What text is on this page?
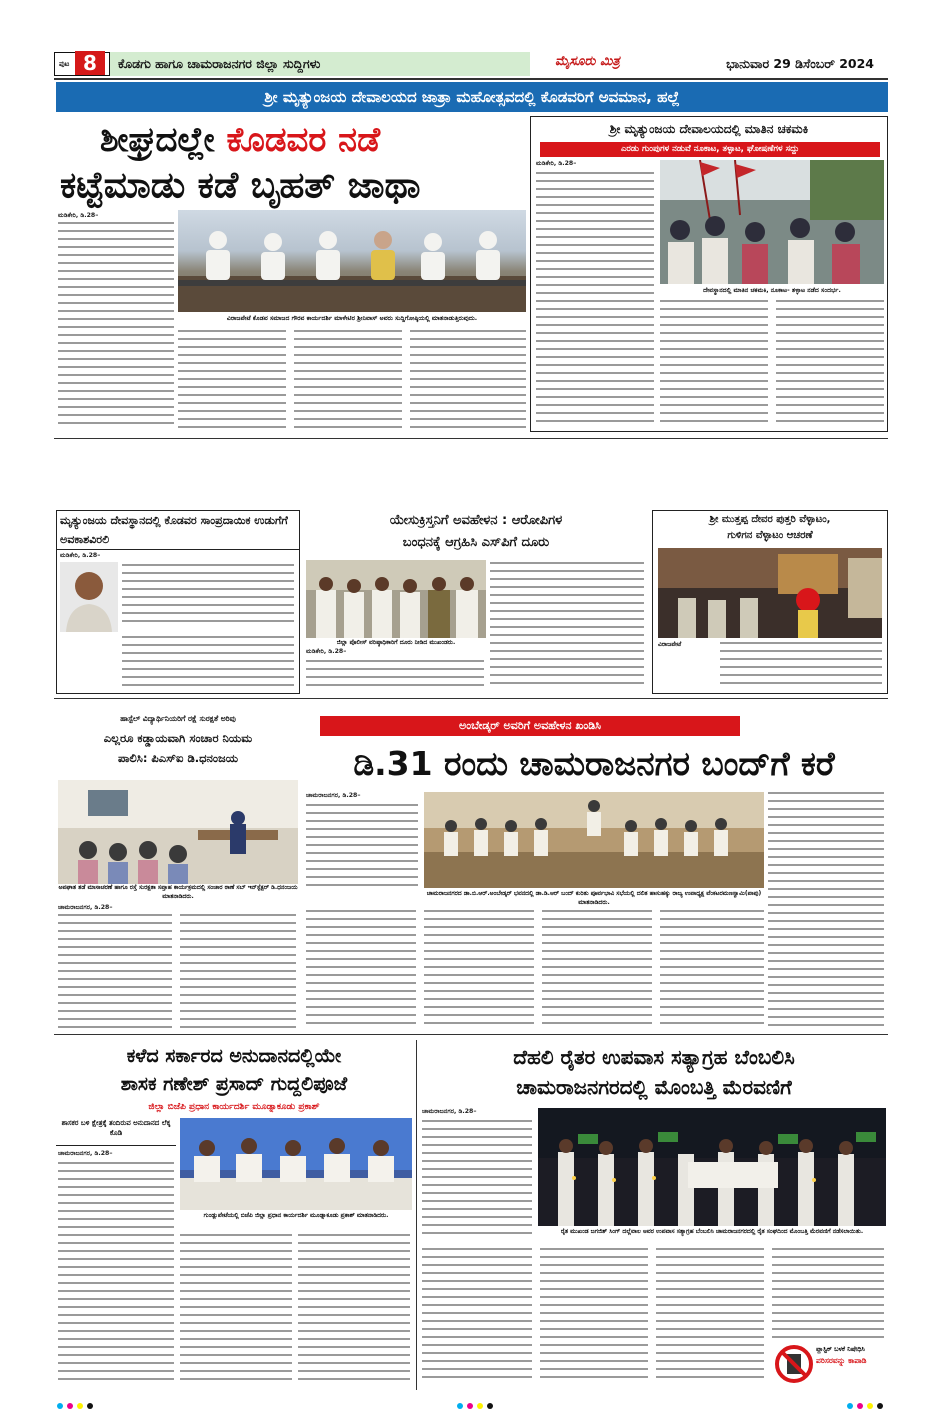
ಪುಟ 8	ಕೊಡಗು ಹಾಗೂ ಚಾಮರಾಜನಗರ ಜಿಲ್ಲಾ ಸುದ್ದಿಗಳು	ಮೈಸೂರು ಮಿತ್ರ	ಭಾನುವಾರ 29 ಡಿಸೆಂಬರ್ 2024
ಶ್ರೀ ಮೃತ್ಯುಂಜಯ ದೇವಾಲಯದ ಜಾತ್ರಾ ಮಹೋತ್ಸವದಲ್ಲಿ ಕೊಡವರಿಗೆ ಅವಮಾನ, ಹಲ್ಲೆ
ಶೀಘ್ರದಲ್ಲೇ ಕೊಡವರ ನಡೆ
ಕಟ್ಟೆಮಾಡು ಕಡೆ ಬೃಹತ್ ಜಾಥಾ
ಮಡಿಕೇರಿ, ಡಿ.28–
ವಿರಾಜಪೇಟೆ ಕೊಡವ ಸಮಾಜದ ಗೌರವ ಕಾರ್ಯದರ್ಶಿ ಮಾಳೇಟಿರ ಶ್ರೀನಿವಾಸ್ ಅವರು ಸುದ್ದಿಗೋಷ್ಠಿಯಲ್ಲಿ ಮಾತನಾಡುತ್ತಿರುವುದು.
ಶ್ರೀ ಮೃತ್ಯುಂಜಯ ದೇವಾಲಯದಲ್ಲಿ ಮಾತಿನ ಚಕಮಕಿ
ಎರಡು ಗುಂಪುಗಳ ನಡುವೆ ನೂಕಾಟ, ತಳ್ಳಾಟ, ಘೋಷಣೆಗಳ ಸದ್ದು
ಮಡಿಕೇರಿ, ಡಿ.28–
ದೇವಸ್ಥಾನದಲ್ಲಿ ಮಾತಿನ ಚಕಮಕಿ, ನೂಕಾಟ- ತಳ್ಳಾಟ ನಡೆದ ಸಂದರ್ಭ.
ಮೃತ್ಯುಂಜಯ ದೇವಸ್ಥಾನದಲ್ಲಿ ಕೊಡವರ ಸಾಂಪ್ರದಾಯಿಕ ಉಡುಗೆಗೆ ಅವಕಾಶವಿರಲಿ
ಮಡಿಕೇರಿ, ಡಿ.28–
ಯೇಸುಕ್ರಿಸ್ತನಿಗೆ ಅವಹೇಳನ : ಆರೋಪಿಗಳ
ಬಂಧನಕ್ಕೆ ಆಗ್ರಹಿಸಿ ಎಸ್‌ಪಿಗೆ ದೂರು
ಜಿಲ್ಲಾ ಪೊಲೀಸ್ ವರಿಷ್ಠಾಧಿಕಾರಿಗೆ ದೂರು ನೀಡಿದ ಮುಖಂಡರು.
ಮಡಿಕೇರಿ, ಡಿ.28–
ಶ್ರೀ ಮುತ್ತಪ್ಪ ದೇವರ ಪುತ್ತರಿ ವೆಳ್ಳಾಟಂ,
ಗುಳಿಗನ ವೆಳ್ಳಾಟಂ ಆಚರಣೆ
ವಿರಾಜಪೇಟೆ
ಹಾಸ್ಟೆಲ್ ವಿದ್ಯಾರ್ಥಿನಿಯರಿಗೆ ರಕ್ಷೆ ಸುರಕ್ಷತೆ ಅರಿವು
ಎಲ್ಲರೂ ಕಡ್ಡಾಯವಾಗಿ ಸಂಚಾರ ನಿಯಮ
ಪಾಲಿಸಿ: ಪಿಎಸ್‌ಐ ಡಿ.ಧನಂಜಯ
ಅಪಘಾತ ತಡೆ ಮಾಸಾಚರಣೆ ಹಾಗೂ ರಸ್ತೆ ಸುರಕ್ಷತಾ ಸಪ್ತಾಹ ಕಾರ್ಯಕ್ರಮದಲ್ಲಿ ಸಂಚಾರ ಠಾಣೆ ಸಬ್ ಇನ್‌ಸ್ಪೆಕ್ಟರ್ ಡಿ.ಧನಂಜಯ ಮಾತನಾಡಿದರು.
ಚಾಮರಾಜನಗರ, ಡಿ.28–
ಅಂಬೇಡ್ಕರ್ ಅವರಿಗೆ ಅವಹೇಳನ ಖಂಡಿಸಿ
ಡಿ.31 ರಂದು ಚಾಮರಾಜನಗರ ಬಂದ್‌ಗೆ ಕರೆ
ಚಾಮರಾಜನಗರ, ಡಿ.28–
ಚಾಮರಾಜನಗರದ ಡಾ.ಬಿ.ಆರ್.ಅಂಬೇಡ್ಕರ್ ಭವನದಲ್ಲಿ ಡಾ.ಡಿ.ಆರ್ ಬಂದ್ ಕುರಿತು ಪೂರ್ವಭಾವಿ ಸಭೆಯಲ್ಲಿ ದಲಿತ ಹಾಸುಹಕ್ಕು ರಾಜ್ಯ ಉಪಾಧ್ಯಕ್ಷ ವೆಂಕಟರಮಣಸ್ವಾಮಿ(ಪಾಪು) ಮಾತನಾಡಿದರು.
ಕಳೆದ ಸರ್ಕಾರದ ಅನುದಾನದಲ್ಲಿಯೇ
ಶಾಸಕ ಗಣೇಶ್ ಪ್ರಸಾದ್ ಗುದ್ದಲಿಪೂಜೆ
ಜಿಲ್ಲಾ ಬಿಜೆಪಿ ಪ್ರಧಾನ ಕಾರ್ಯದರ್ಶಿ ಮೂಡ್ನಾಕೂಡು ಪ್ರಕಾಶ್
ಶಾಸಕರ ಬಳಿ ಕ್ಷೇತ್ರಕ್ಕೆ ತಂದಿರುವ ಅನುದಾನದ ಲೆಕ್ಕ ಕೊಡಿ
ಚಾಮರಾಜನಗರ, ಡಿ.28–
ಗುಂಡ್ಲುಪೇಟೆಯಲ್ಲಿ ಬಿಜೆಪಿ ಜಿಲ್ಲಾ ಪ್ರಧಾನ ಕಾರ್ಯದರ್ಶಿ ಮೂಡ್ನಾಕೂಡು ಪ್ರಕಾಶ್ ಮಾತನಾಡಿದರು.
ದೆಹಲಿ ರೈತರ ಉಪವಾಸ ಸತ್ಯಾಗ್ರಹ ಬೆಂಬಲಿಸಿ
ಚಾಮರಾಜನಗರದಲ್ಲಿ ಮೊಂಬತ್ತಿ ಮೆರವಣಿಗೆ
ಚಾಮರಾಜನಗರ, ಡಿ.28–
ರೈತ ಮುಖಂಡ ಜಗಜಿತ್ ಸಿಂಗ್ ದಲ್ಲೆವಾಲ ಅವರ ಉಪವಾಸ ಸತ್ಯಾಗ್ರಹ ಬೆಂಬಲಿಸಿ ಚಾಮರಾಜನಗರದಲ್ಲಿ ರೈತ ಸಂಘದಿಂದ ಮೊಂಬತ್ತಿ ಮೆರವಣಿಗೆ ನಡೆಸಲಾಯಿತು.
ಪ್ಲಾಸ್ಟಿಕ್ ಬಳಕೆ ನಿಷೇಧಿಸಿ
ಪರಿಸರವನ್ನು ಕಾಪಾಡಿ
